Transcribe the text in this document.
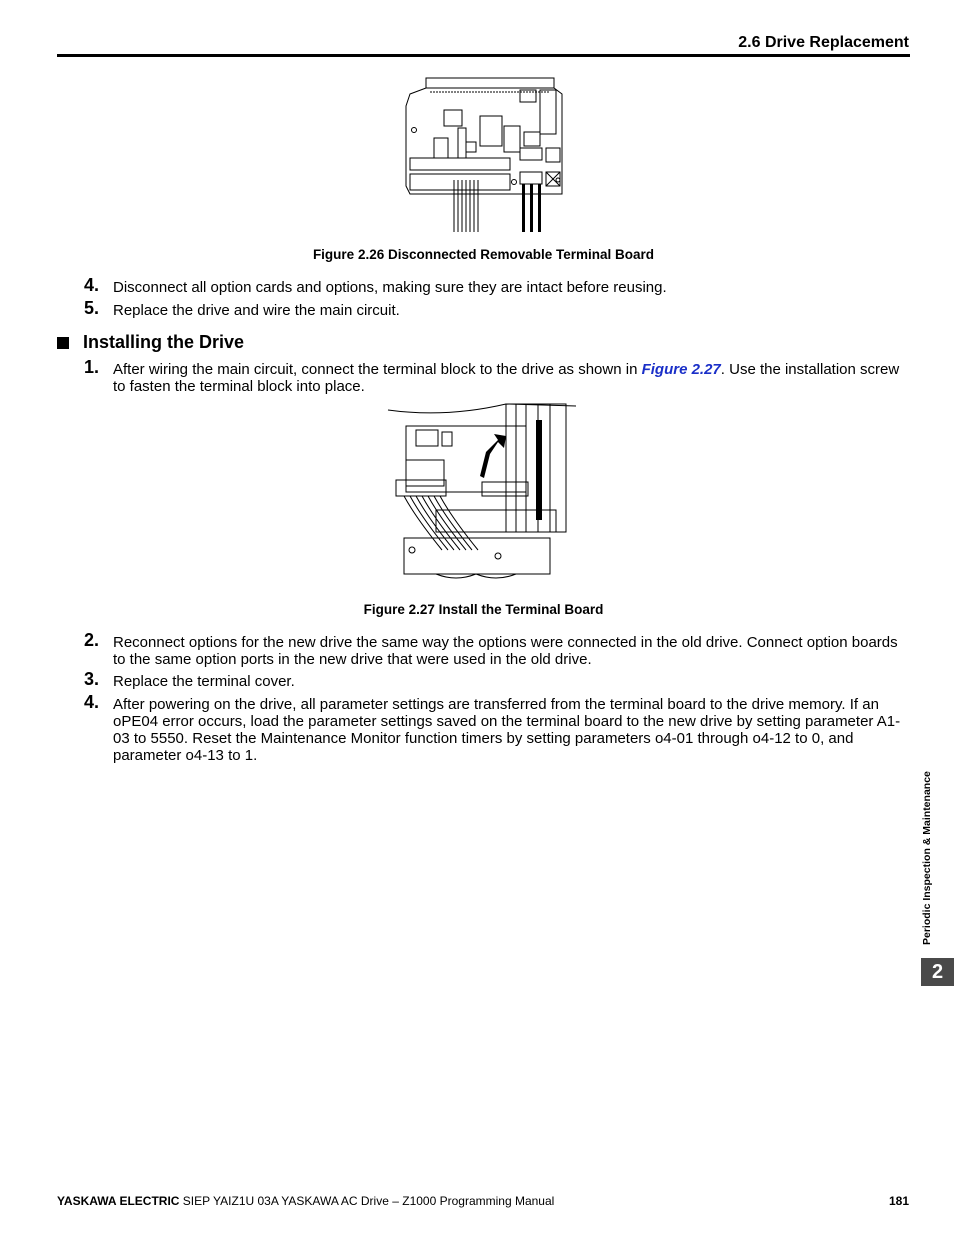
2.6 Drive Replacement
Figure 2.26 Disconnected Removable Terminal Board
4. Disconnect all option cards and options, making sure they are intact before reusing.
5. Replace the drive and wire the main circuit.
Installing the Drive
1. After wiring the main circuit, connect the terminal block to the drive as shown in Figure 2.27. Use the installation screw to fasten the terminal block into place.
Figure 2.27 Install the Terminal Board
2. Reconnect options for the new drive the same way the options were connected in the old drive. Connect option boards to the same option ports in the new drive that were used in the old drive.
3. Replace the terminal cover.
4. After powering on the drive, all parameter settings are transferred from the terminal board to the drive memory. If an oPE04 error occurs, load the parameter settings saved on the terminal board to the new drive by setting parameter A1-03 to 5550. Reset the Maintenance Monitor function timers by setting parameters o4-01 through o4-12 to 0, and parameter o4-13 to 1.
Periodic Inspection & Maintenance
2
YASKAWA ELECTRIC SIEP YAIZ1U 03A YASKAWA AC Drive – Z1000 Programming Manual	181
